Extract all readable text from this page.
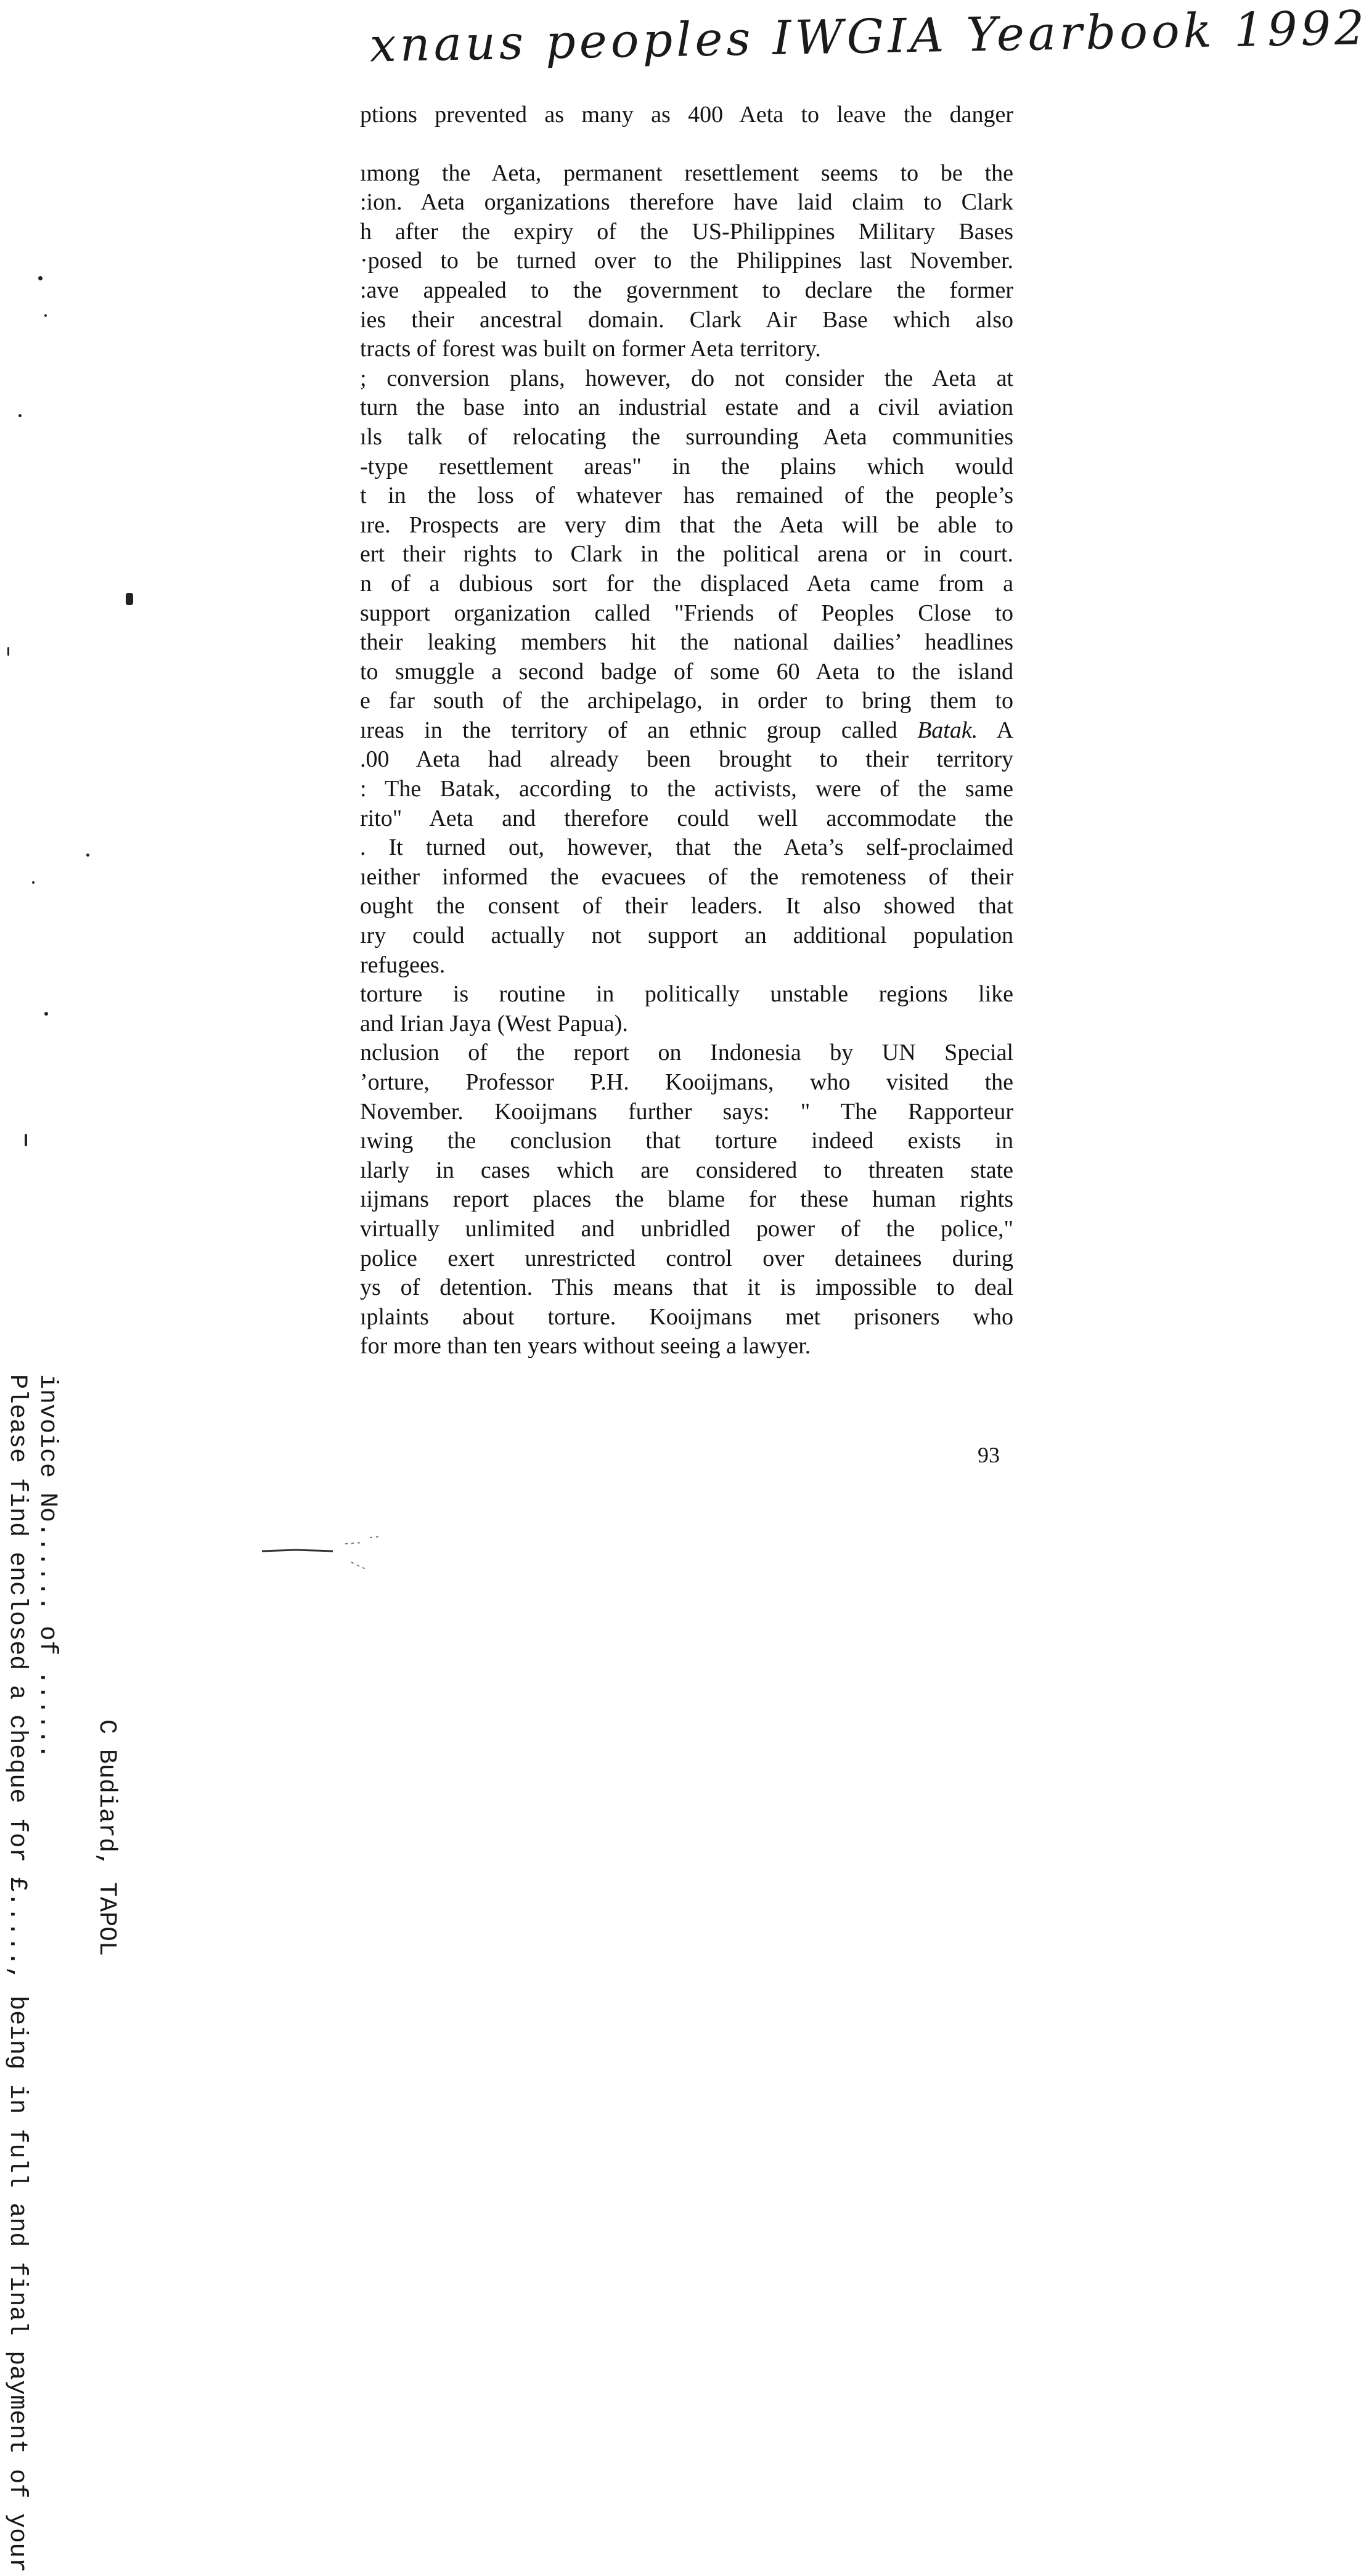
xnaus peoples IWGIA Yearbook 1992
ptions prevented as many as 400 Aeta to leave the danger
ımong the Aeta, permanent resettlement seems to be the
:ion. Aeta organizations therefore have laid claim to Clark
h after the expiry of the US-Philippines Military Bases
·posed to be turned over to the Philippines last November.
:ave appealed to the government to declare the former
ies their ancestral domain. Clark Air Base which also
tracts of forest was built on former Aeta territory.
; conversion plans, however, do not consider the Aeta at
turn the base into an industrial estate and a civil aviation
ıls talk of relocating the surrounding Aeta communities
-type resettlement areas" in the plains which would
t in the loss of whatever has remained of the people’s
ıre. Prospects are very dim that the Aeta will be able to
ert their rights to Clark in the political arena or in court.
n of a dubious sort for the displaced Aeta came from a
support organization called "Friends of Peoples Close to
their leaking members hit the national dailies’ headlines
to smuggle a second badge of some 60 Aeta to the island
e far south of the archipelago, in order to bring them to
ıreas in the territory of an ethnic group called Batak. A
.00 Aeta had already been brought to their territory
: The Batak, according to the activists, were of the same
rito" Aeta and therefore could well accommodate the
. It turned out, however, that the Aeta’s self-proclaimed
ıeither informed the evacuees of the remoteness of their
ought the consent of their leaders. It also showed that
ıry could actually not support an additional population
refugees.
torture is routine in politically unstable regions like
and Irian Jaya (West Papua).
nclusion of the report on Indonesia by UN Special
’orture, Professor P.H. Kooijmans, who visited the
November. Kooijmans further says: " The Rapporteur
ıwing the conclusion that torture indeed exists in
ılarly in cases which are considered to threaten state
ıijmans report places the blame for these human rights
virtually unlimited and unbridled power of the police,"
police exert unrestricted control over detainees during
ys of detention. This means that it is impossible to deal
ıplaints about torture. Kooijmans met prisoners who
for more than ten years without seeing a lawyer.
Please find enclosed a cheque for £....., being in full and final payment of your invoice No...... of ......
C Budiard, TAPOL
93
